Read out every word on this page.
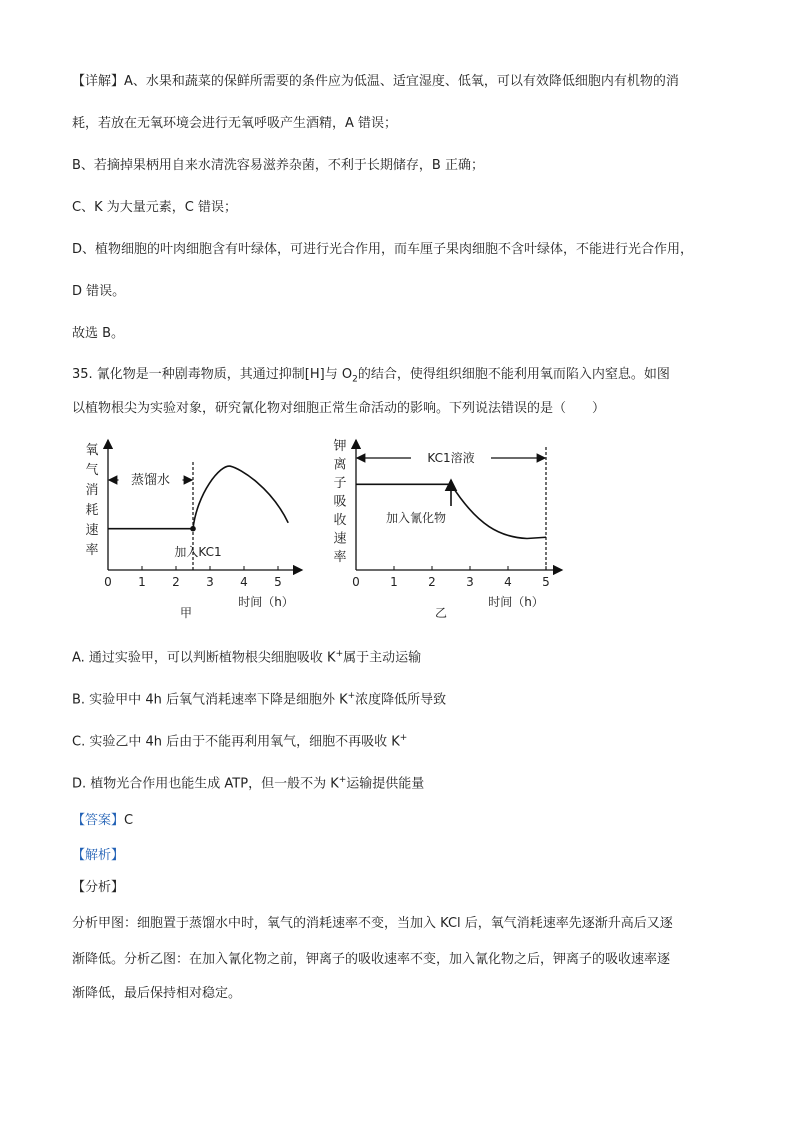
【详解】A、水果和蔬菜的保鲜所需要的条件应为低温、适宜湿度、低氧，可以有效降低细胞内有机物的消
耗，若放在无氧环境会进行无氧呼吸产生酒精，A 错误；
B、若摘掉果柄用自来水清洗容易滋养杂菌，不利于长期储存，B 正确；
C、K 为大量元素，C 错误；
D、植物细胞的叶肉细胞含有叶绿体，可进行光合作用，而车厘子果肉细胞不含叶绿体，不能进行光合作用，
D 错误。
故选 B。
35. 氰化物是一种剧毒物质，其通过抑制[H]与 $O_2$的结合，使得组织细胞不能利用氧而陷入内窒息。如图
以植物根尖为实验对象，研究氰化物对细胞正常生命活动的影响。下列说法错误的是（　　）
氧
气
消
耗
速
率
0 1 2 3 4 5
蒸馏水
加入KC1
时间（h）
甲
钾
离
子
吸
收
速
率
0	1	2	3	4	5
KC1溶液
加入氰化物
时间（h）
乙
A. 通过实验甲，可以判断植物根尖细胞吸收 K+属于主动运输
B. 实验甲中 4h 后氧气消耗速率下降是细胞外 K+浓度降低所导致
C. 实验乙中 4h 后由于不能再利用氧气，细胞不再吸收 K+
D. 植物光合作用也能生成 ATP，但一般不为 K+运输提供能量
【答案】C
【解析】
【分析】
分析甲图：细胞置于蒸馏水中时，氧气的消耗速率不变，当加入 KCl 后，氧气消耗速率先逐渐升高后又逐
渐降低。分析乙图：在加入氰化物之前，钾离子的吸收速率不变，加入氰化物之后，钾离子的吸收速率逐
渐降低，最后保持相对稳定。
